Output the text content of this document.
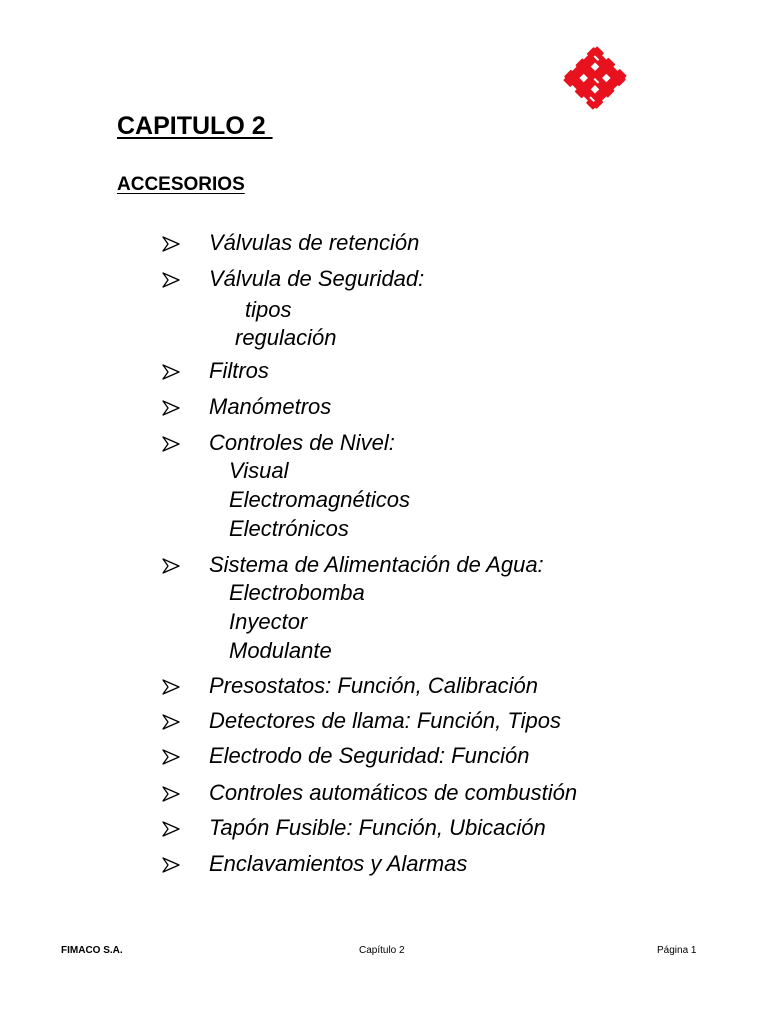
CAPITULO 2
ACCESORIOS
Válvulas de retención
Válvula de Seguridad:
tipos
regulación
Filtros
Manómetros
Controles de Nivel:
Visual
Electromagnéticos
Electrónicos
Sistema de Alimentación de Agua:
Electrobomba
Inyector
Modulante
Presostatos: Función, Calibración
Detectores de llama: Función, Tipos
Electrodo de Seguridad: Función
Controles automáticos de combustión
Tapón Fusible: Función, Ubicación
Enclavamientos y Alarmas
FIMACO S.A.	Capítulo 2	Página 1
